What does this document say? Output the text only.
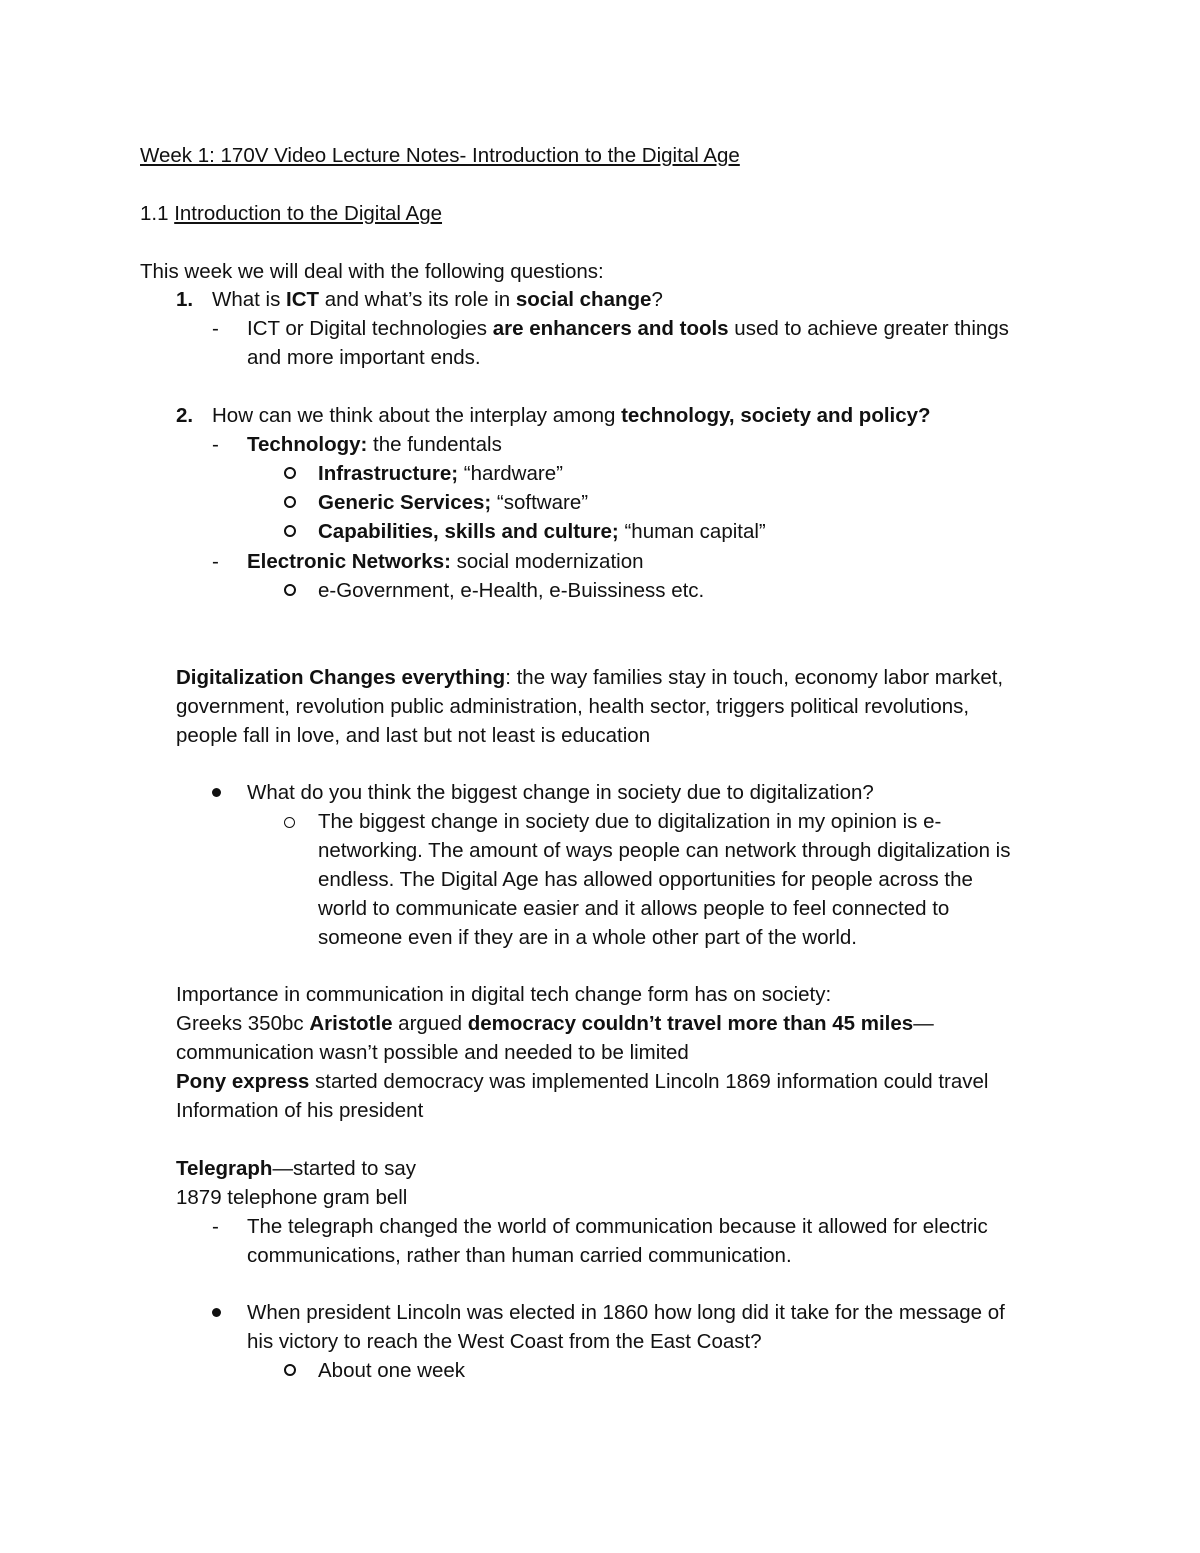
Week 1: 170V Video Lecture Notes- Introduction to the Digital Age
1.1 Introduction to the Digital Age
This week we will deal with the following questions:
1. What is ICT and what’s its role in social change?
- ICT or Digital technologies are enhancers and tools used to achieve greater things
and more important ends.
2. How can we think about the interplay among technology, society and policy?
- Technology: the fundentals
Infrastructure; “hardware”
Generic Services; “software”
Capabilities, skills and culture; “human capital”
- Electronic Networks: social modernization
e-Government, e-Health, e-Buissiness etc.
Digitalization Changes everything: the way families stay in touch, economy labor market,
government, revolution public administration, health sector, triggers political revolutions,
people fall in love, and last but not least is education
What do you think the biggest change in society due to digitalization?
The biggest change in society due to digitalization in my opinion is e-
networking. The amount of ways people can network through digitalization is
endless. The Digital Age has allowed opportunities for people across the
world to communicate easier and it allows people to feel connected to
someone even if they are in a whole other part of the world.
Importance in communication in digital tech change form has on society:
Greeks 350bc Aristotle argued democracy couldn’t travel more than 45 miles—
communication wasn’t possible and needed to be limited
Pony express started democracy was implemented Lincoln 1869 information could travel
Information of his president
Telegraph—started to say
1879 telephone gram bell
- The telegraph changed the world of communication because it allowed for electric
communications, rather than human carried communication.
When president Lincoln was elected in 1860 how long did it take for the message of
his victory to reach the West Coast from the East Coast?
About one week
